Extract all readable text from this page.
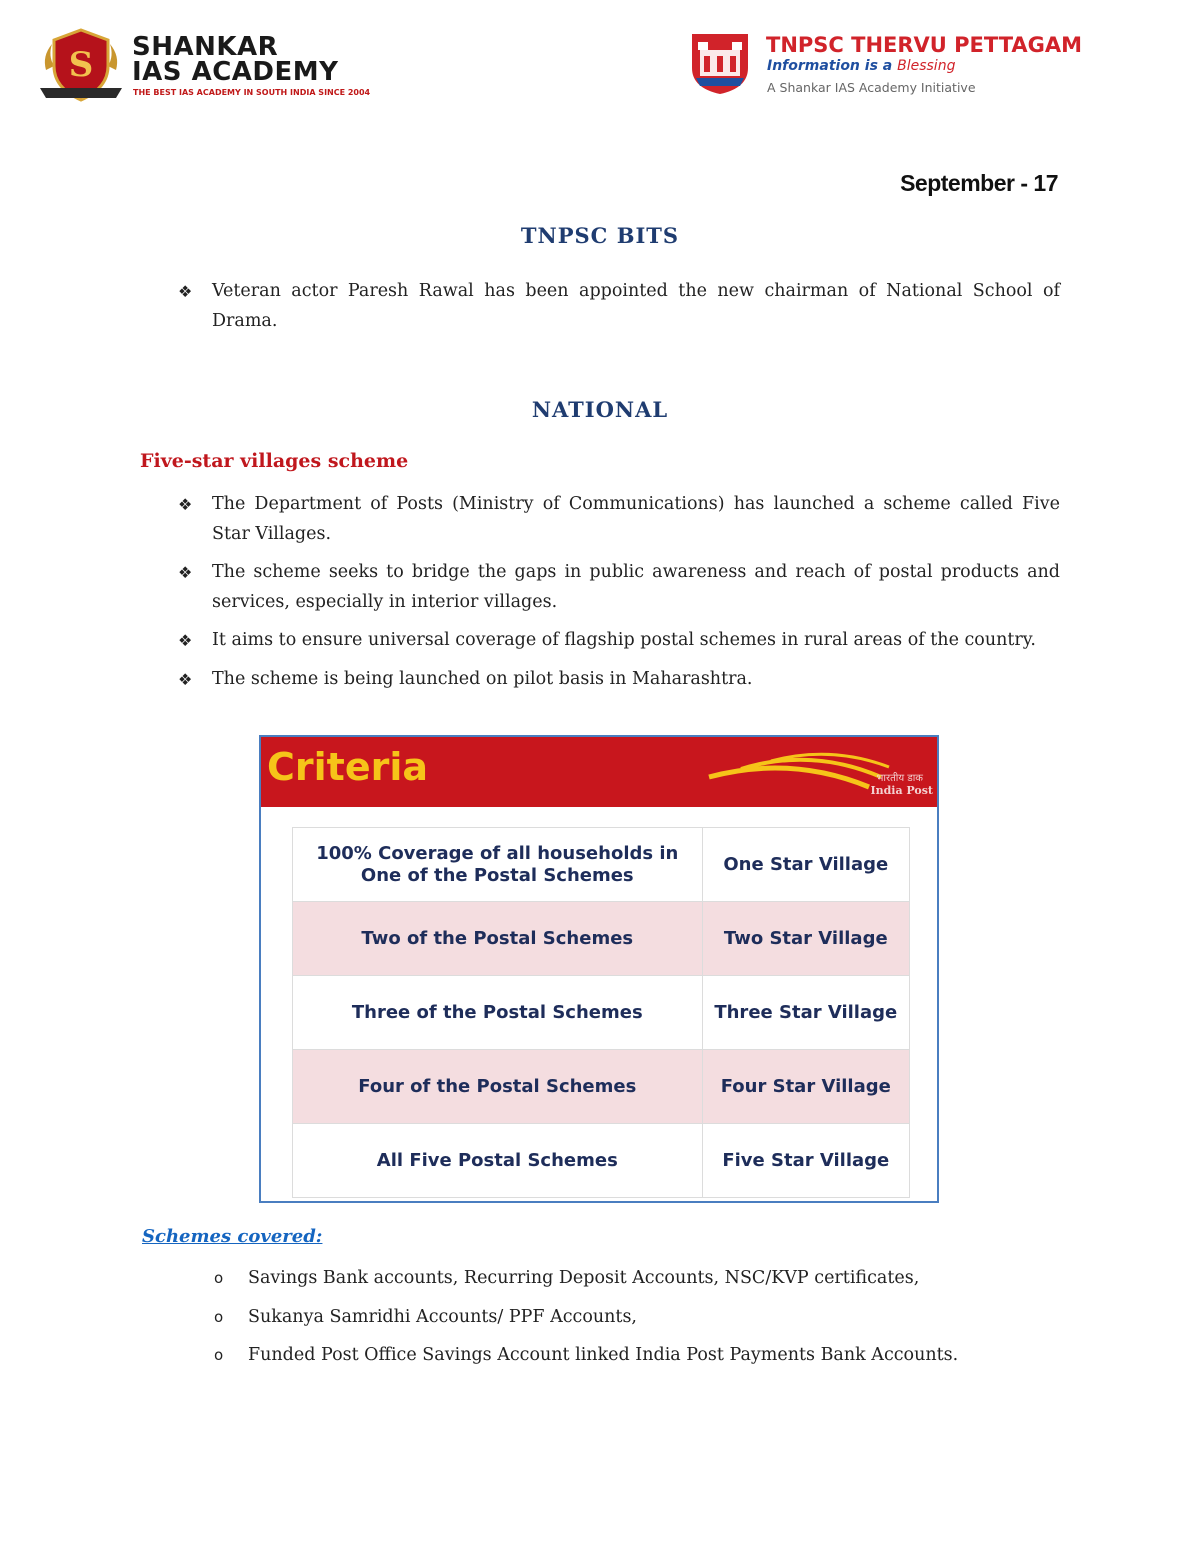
S SHANKAR
IAS ACADEMY
THE BEST IAS ACADEMY IN SOUTH INDIA SINCE 2004
TNPSC THERVU PETTAGAM
Information is a Blessing
A Shankar IAS Academy Initiative
September - 17
TNPSC BITS
❖ Veteran actor Paresh Rawal has been appointed the new chairman of National School of Drama.
NATIONAL
Five-star villages scheme
❖ The Department of Posts (Ministry of Communications) has launched a scheme called Five Star Villages.
❖ The scheme seeks to bridge the gaps in public awareness and reach of postal products and services, especially in interior villages.
❖ It aims to ensure universal coverage of flagship postal schemes in rural areas of the country.
❖ The scheme is being launched on pilot basis in Maharashtra.
Criteria	भारतीय डाक
India Post
100% Coverage of all households in One of the Postal Schemes	One Star Village
Two of the Postal Schemes	Two Star Village
Three of the Postal Schemes	Three Star Village
Four of the Postal Schemes	Four Star Village
All Five Postal Schemes	Five Star Village
Schemes covered:
o Savings Bank accounts, Recurring Deposit Accounts, NSC/KVP certificates,
o Sukanya Samridhi Accounts/ PPF Accounts,
o Funded Post Office Savings Account linked India Post Payments Bank Accounts.
